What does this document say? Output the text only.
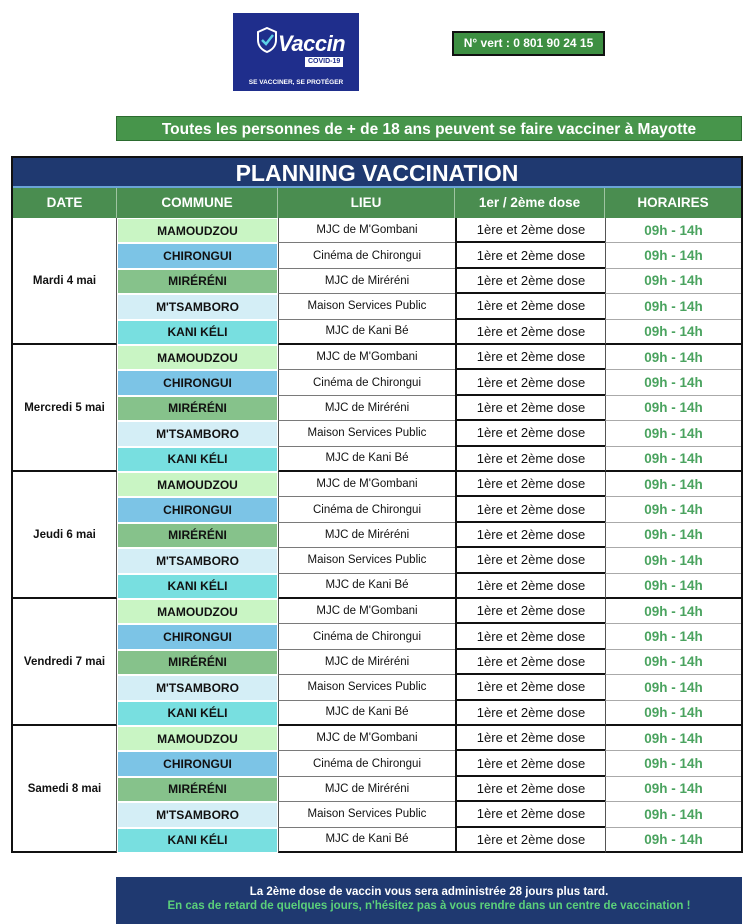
Vaccin
COVID-19
SE VACCINER, SE PROTÉGER
N° vert : 0 801 90 24 15
Toutes les personnes de + de 18 ans peuvent se faire vacciner à Mayotte
PLANNING VACCINATION
DATE	COMMUNE	LIEU	1er / 2ème dose	HORAIRES
Mardi 4 mai
MAMOUDZOU	MJC de M'Gombani	1ère et 2ème dose	09h - 14h
CHIRONGUI	Cinéma de Chirongui	1ère et 2ème dose	09h - 14h
MIRÉRÉNI	MJC de Miréréni	1ère et 2ème dose	09h - 14h
M'TSAMBORO	Maison Services Public	1ère et 2ème dose	09h - 14h
KANI KÉLI	MJC de Kani Bé	1ère et 2ème dose	09h - 14h
Mercredi 5 mai
MAMOUDZOU	MJC de M'Gombani	1ère et 2ème dose	09h - 14h
CHIRONGUI	Cinéma de Chirongui	1ère et 2ème dose	09h - 14h
MIRÉRÉNI	MJC de Miréréni	1ère et 2ème dose	09h - 14h
M'TSAMBORO	Maison Services Public	1ère et 2ème dose	09h - 14h
KANI KÉLI	MJC de Kani Bé	1ère et 2ème dose	09h - 14h
Jeudi 6 mai
MAMOUDZOU	MJC de M'Gombani	1ère et 2ème dose	09h - 14h
CHIRONGUI	Cinéma de Chirongui	1ère et 2ème dose	09h - 14h
MIRÉRÉNI	MJC de Miréréni	1ère et 2ème dose	09h - 14h
M'TSAMBORO	Maison Services Public	1ère et 2ème dose	09h - 14h
KANI KÉLI	MJC de Kani Bé	1ère et 2ème dose	09h - 14h
Vendredi 7 mai
MAMOUDZOU	MJC de M'Gombani	1ère et 2ème dose	09h - 14h
CHIRONGUI	Cinéma de Chirongui	1ère et 2ème dose	09h - 14h
MIRÉRÉNI	MJC de Miréréni	1ère et 2ème dose	09h - 14h
M'TSAMBORO	Maison Services Public	1ère et 2ème dose	09h - 14h
KANI KÉLI	MJC de Kani Bé	1ère et 2ème dose	09h - 14h
Samedi 8 mai
MAMOUDZOU	MJC de M'Gombani	1ère et 2ème dose	09h - 14h
CHIRONGUI	Cinéma de Chirongui	1ère et 2ème dose	09h - 14h
MIRÉRÉNI	MJC de Miréréni	1ère et 2ème dose	09h - 14h
M'TSAMBORO	Maison Services Public	1ère et 2ème dose	09h - 14h
KANI KÉLI	MJC de Kani Bé	1ère et 2ème dose	09h - 14h
La 2ème dose de vaccin vous sera administrée 28 jours plus tard.
En cas de retard de quelques jours, n'hésitez pas à vous rendre dans un centre de vaccination !
